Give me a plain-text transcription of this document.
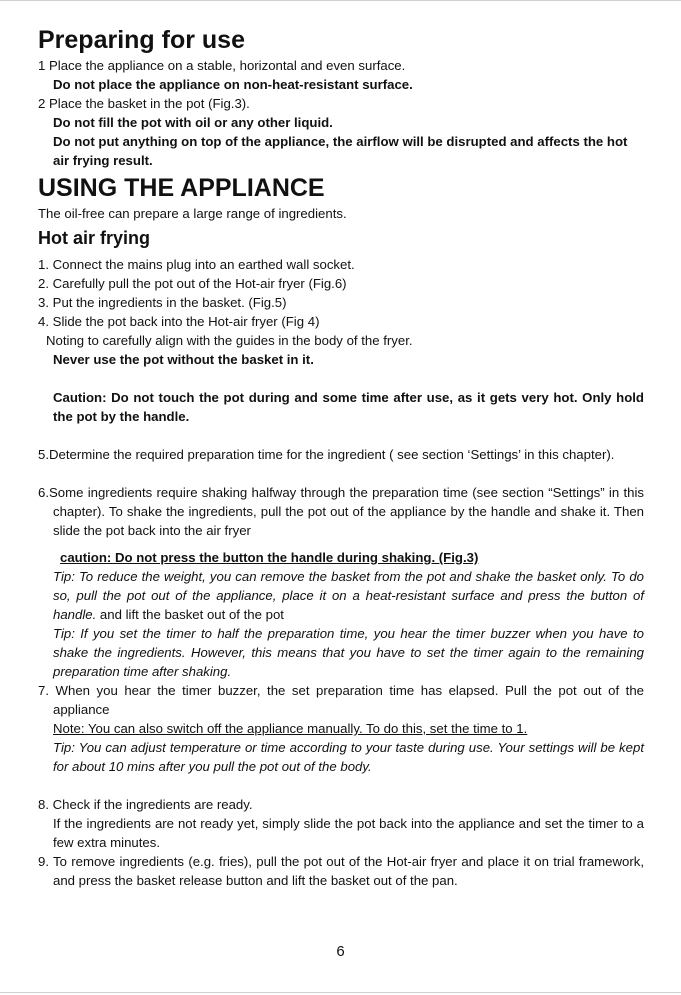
Preparing for use

1 Place the appliance on a stable, horizontal and even surface.

Do not place the appliance on non-heat-resistant surface.

2 Place the basket in the pot (Fig.3).

Do not fill the pot with oil or any other liquid.

Do not put anything on top of the appliance, the airflow will be disrupted and affects the hot air frying result.

USING THE APPLIANCE

The oil-free can prepare a large range of ingredients.

Hot air frying

1. Connect the mains plug into an earthed wall socket.

2. Carefully pull the pot out of the Hot-air fryer (Fig.6)

3. Put the ingredients in the basket. (Fig.5)

4. Slide the pot back into the Hot-air fryer (Fig 4)

Noting to carefully align with the guides in the body of the fryer.

Never use the pot without the basket in it.

Caution: Do not touch the pot during and some time after use, as it gets very hot. Only hold the pot by the handle.

5.Determine the required preparation time for the ingredient ( see section ‘Settings’ in this chapter).

6.Some ingredients require shaking halfway through the preparation time (see section “Settings” in this chapter). To shake the ingredients, pull the pot out of the appliance by the handle and shake it. Then slide the pot back into the air fryer

caution: Do not press the button the handle during shaking. (Fig.3)

Tip: To reduce the weight, you can remove the basket from the pot and shake the basket only. To do so, pull the pot out of the appliance, place it on a heat-resistant surface and press the button of handle. and lift the basket out of the pot

Tip: If you set the timer to half the preparation time, you hear the timer buzzer when you have to shake the ingredients. However, this means that you have to set the timer again to the remaining preparation time after shaking.

7. When you hear the timer buzzer, the set preparation time has elapsed. Pull the pot out of the appliance

Note: You can also switch off the appliance manually. To do this, set the time to 1.

Tip: You can adjust temperature or time according to your taste during use. Your settings will be kept for about 10 mins after you pull the pot out of the body.

8. Check if the ingredients are ready.

If the ingredients are not ready yet, simply slide the pot back into the appliance and set the timer to a few extra minutes.

9. To remove ingredients (e.g. fries), pull the pot out of the Hot-air fryer and place it on trial framework, and press the basket release button and lift the basket out of the pan.

6
